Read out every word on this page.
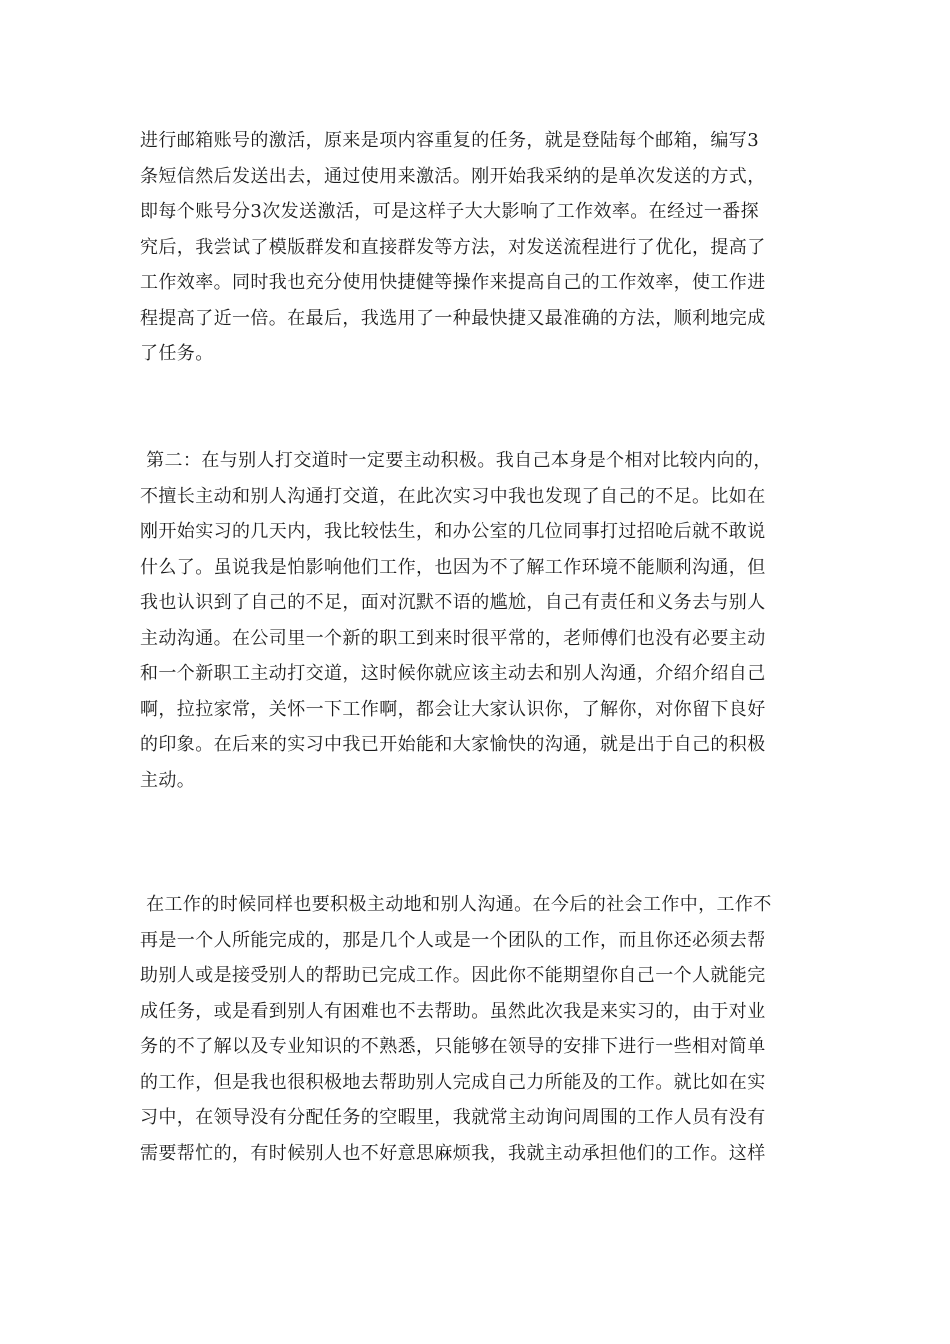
进行邮箱账号的激活，原来是项内容重复的任务，就是登陆每个邮箱，编写3
条短信然后发送出去，通过使用来激活。刚开始我采纳的是单次发送的方式，
即每个账号分3次发送激活，可是这样子大大影响了工作效率。在经过一番探
究后，我尝试了模版群发和直接群发等方法，对发送流程进行了优化，提高了
工作效率。同时我也充分使用快捷健等操作来提高自己的工作效率，使工作进
程提高了近一倍。在最后，我选用了一种最快捷又最准确的方法，顺利地完成
了任务。

第二：在与别人打交道时一定要主动积极。我自己本身是个相对比较内向的，
不擅长主动和别人沟通打交道，在此次实习中我也发现了自己的不足。比如在
刚开始实习的几天内，我比较怯生，和办公室的几位同事打过招呛后就不敢说
什么了。虽说我是怕影响他们工作，也因为不了解工作环境不能顺利沟通，但
我也认识到了自己的不足，面对沉默不语的尴尬，自己有责任和义务去与别人
主动沟通。在公司里一个新的职工到来时很平常的，老师傅们也没有必要主动
和一个新职工主动打交道，这时候你就应该主动去和别人沟通，介绍介绍自己
啊，拉拉家常，关怀一下工作啊，都会让大家认识你，了解你，对你留下良好
的印象。在后来的实习中我已开始能和大家愉快的沟通，就是出于自己的积极
主动。

在工作的时候同样也要积极主动地和别人沟通。在今后的社会工作中，工作不
再是一个人所能完成的，那是几个人或是一个团队的工作，而且你还必须去帮
助别人或是接受别人的帮助已完成工作。因此你不能期望你自己一个人就能完
成任务，或是看到别人有困难也不去帮助。虽然此次我是来实习的，由于对业
务的不了解以及专业知识的不熟悉，只能够在领导的安排下进行一些相对简单
的工作，但是我也很积极地去帮助别人完成自己力所能及的工作。就比如在实
习中，在领导没有分配任务的空暇里，我就常主动询问周围的工作人员有没有
需要帮忙的，有时候别人也不好意思麻烦我，我就主动承担他们的工作。这样
